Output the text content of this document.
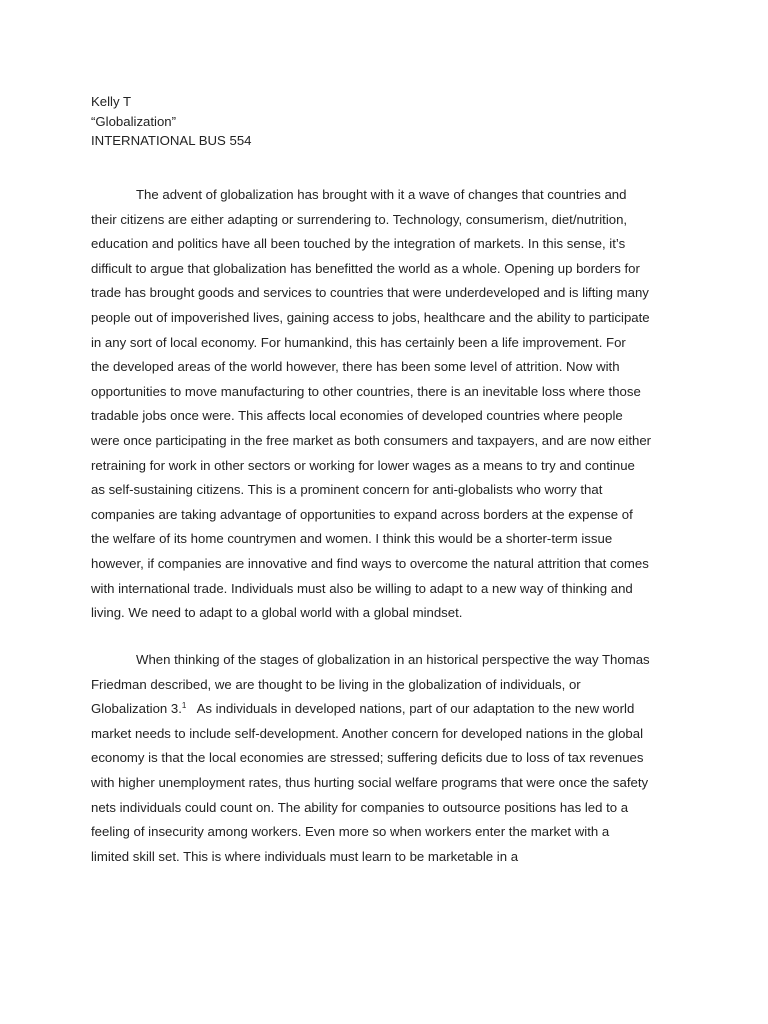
Kelly T
“Globalization”
INTERNATIONAL BUS 554
The advent of globalization has brought with it a wave of changes that countries and
their citizens are either adapting or surrendering to. Technology, consumerism, diet/nutrition,
education and politics have all been touched by the integration of markets. In this sense, it’s
difficult to argue that globalization has benefitted the world as a whole. Opening up borders for
trade has brought goods and services to countries that were underdeveloped and is lifting many
people out of impoverished lives, gaining access to jobs, healthcare and the ability to participate
in any sort of local economy. For humankind, this has certainly been a life improvement. For
the developed areas of the world however, there has been some level of attrition. Now with
opportunities to move manufacturing to other countries, there is an inevitable loss where those
tradable jobs once were. This affects local economies of developed countries where people
were once participating in the free market as both consumers and taxpayers, and are now either
retraining for work in other sectors or working for lower wages as a means to try and continue
as self-sustaining citizens. This is a prominent concern for anti-globalists who worry that
companies are taking advantage of opportunities to expand across borders at the expense of
the welfare of its home countrymen and women. I think this would be a shorter-term issue
however, if companies are innovative and find ways to overcome the natural attrition that comes
with international trade. Individuals must also be willing to adapt to a new way of thinking and
living. We need to adapt to a global world with a global mindset.
When thinking of the stages of globalization in an historical perspective the way Thomas
Friedman described, we are thought to be living in the globalization of individuals, or
Globalization 3.$^1$   As individuals in developed nations, part of our adaptation to the new world
market needs to include self-development. Another concern for developed nations in the global
economy is that the local economies are stressed; suffering deficits due to loss of tax revenues
with higher unemployment rates, thus hurting social welfare programs that were once the safety
nets individuals could count on. The ability for companies to outsource positions has led to a
feeling of insecurity among workers. Even more so when workers enter the market with a
limited skill set. This is where individuals must learn to be marketable in a
